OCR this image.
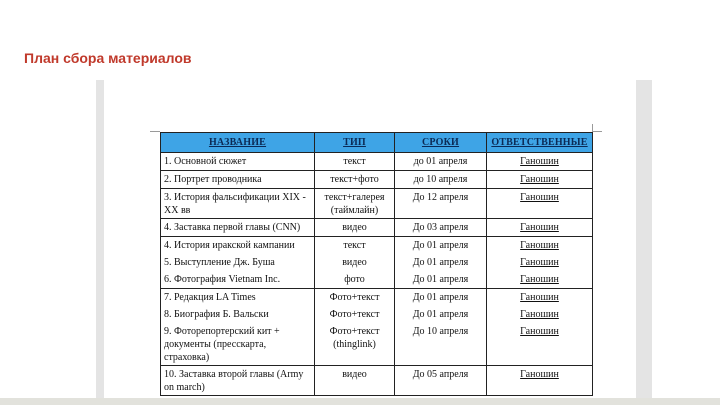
План сбора материалов
НАЗВАНИЕ	ТИП	СРОКИ	ОТВЕТСТВЕННЫЕ
1. Основной сюжет	текст	до 01 апреля	Ганошин
2. Портрет проводника	текст+фото	до 10 апреля	Ганошин
3. История фальсификации XIX -XX вв	текст+галерея (таймлайн)	До 12 апреля	Ганошин
4. Заставка первой главы (CNN)	видео	До 03 апреля	Ганошин
4. История иракской кампании	текст	До 01 апреля	Ганошин
5. Выступление Дж. Буша	видео	До 01 апреля	Ганошин
6. Фотография Vietnam Inc.	фото	До 01 апреля	Ганошин
7. Редакция LA Times	Фото+текст	До 01 апреля	Ганошин
8. Биография Б. Вальски	Фото+текст	До 01 апреля	Ганошин
9. Фоторепортерский кит + документы (пресскарта, страховка)	Фото+текст (thinglink)	До 10 апреля	Ганошин
10. Заставка второй главы (Army on march)	видео	До 05 апреля	Ганошин
